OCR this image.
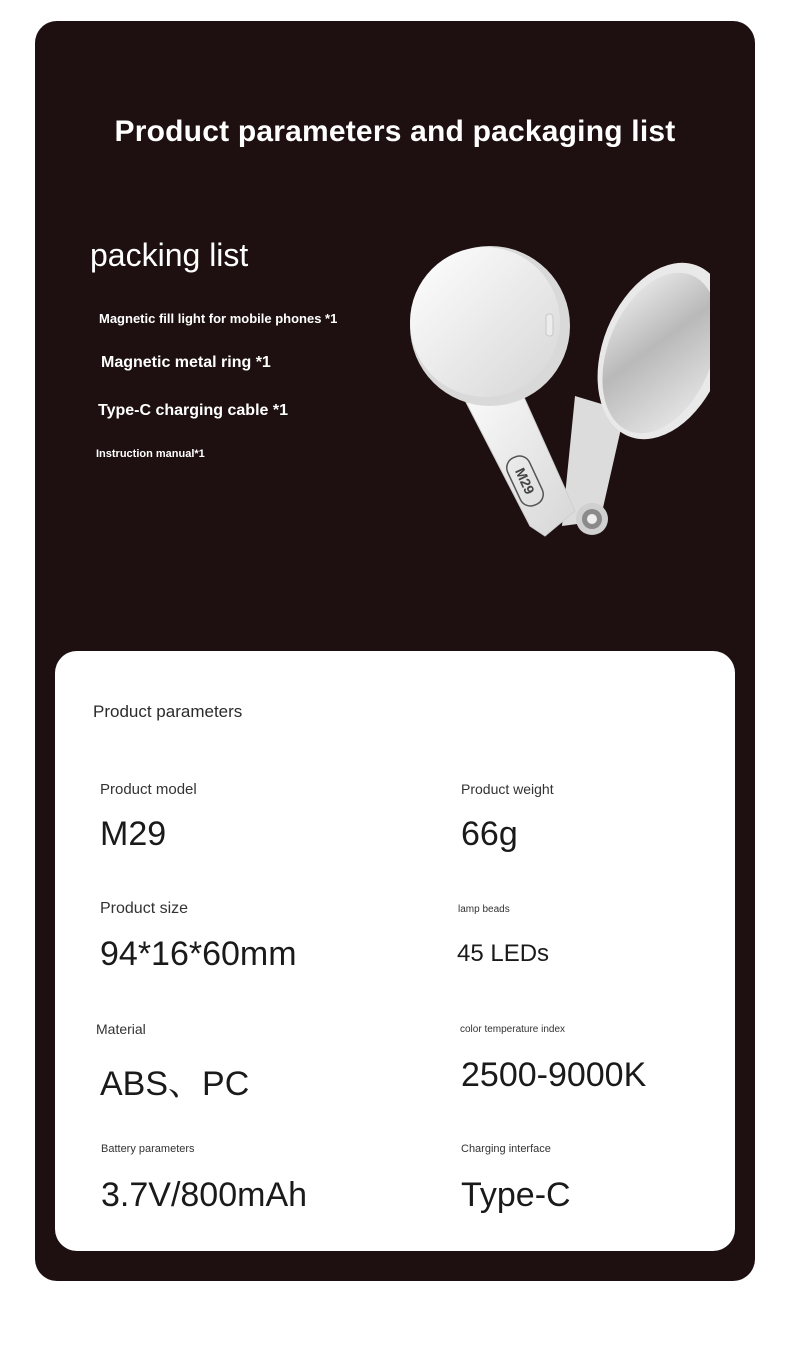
Product parameters and packaging list
packing list
Magnetic fill light for mobile phones *1
Magnetic metal ring *1
Type-C charging cable *1
Instruction manual*1
M29
Product parameters
Product model
M29
Product weight
66g
Product size
94*16*60mm
lamp beads
45 LEDs
Material
ABS、PC
color temperature index
2500-9000K
Battery parameters
3.7V/800mAh
Charging interface
Type-C
